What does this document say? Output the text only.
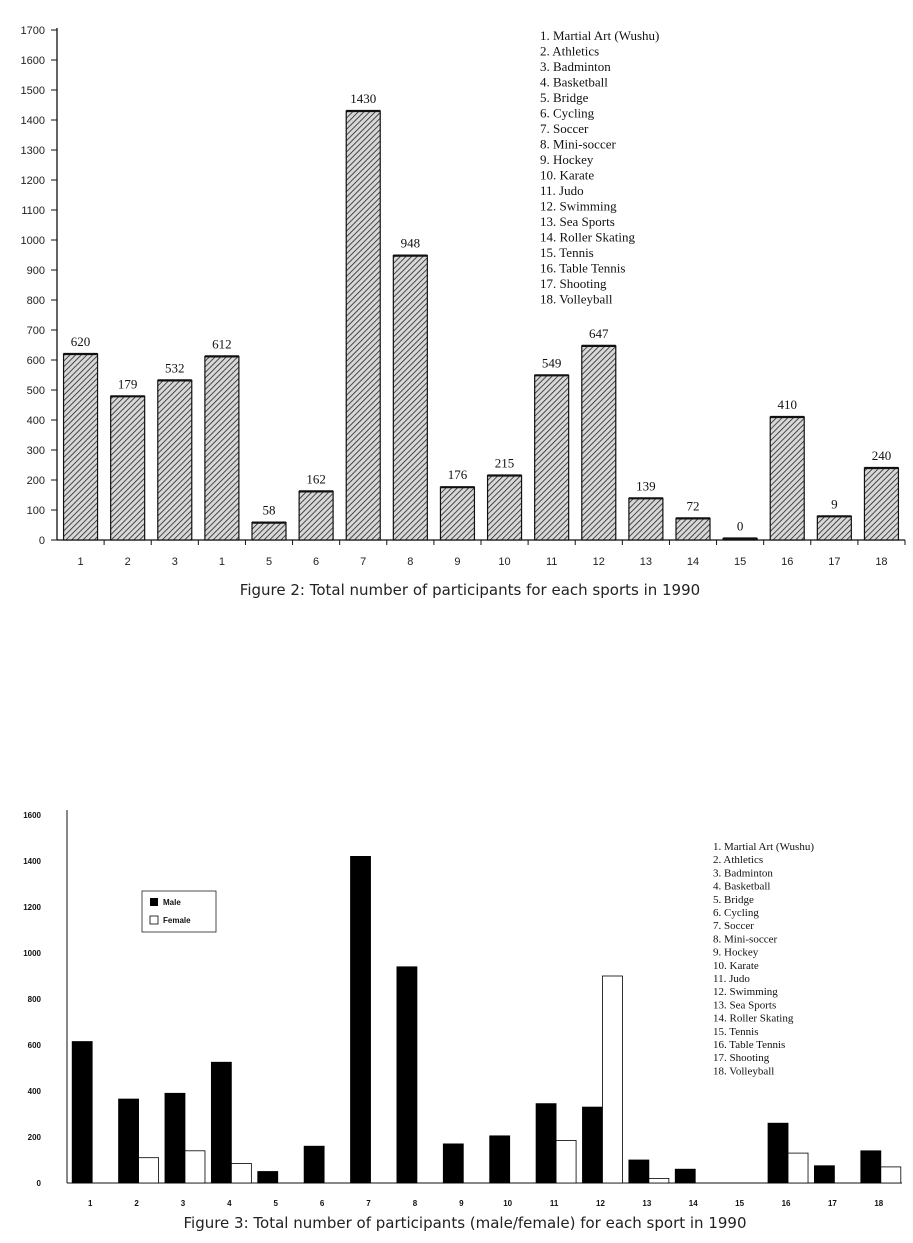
0
100
200
300
400
500
600
700
800
900
1000
1100
1200
1300
1400
1500
1600
1700
620
179
532
612
58
162
1430
948
176
215
549
647
139
72
0
410
9
240
1	2	3	1	5	6	7	8	9	10	11	12	13	14	15	16	17	18
1. Martial Art (Wushu)
2. Athletics
3. Badminton
4. Basketball
5. Bridge
6. Cycling
7. Soccer
8. Mini-soccer
9. Hockey
10. Karate
11. Judo
12. Swimming
13. Sea Sports
14. Roller Skating
15. Tennis
16. Table Tennis
17. Shooting
18. Volleyball
Figure 2: Total number of participants for each sports in 1990
0
200
400
600
800
1000
1200
1400
1600
1	2	3	4	5	6	7	8	9	10	11	12	13	14	15	16	17	18
Male
Female
1. Martial Art (Wushu)
2. Athletics
3. Badminton
4. Basketball
5. Bridge
6. Cycling
7. Soccer
8. Mini-soccer
9. Hockey
10. Karate
11. Judo
12. Swimming
13. Sea Sports
14. Roller Skating
15. Tennis
16. Table Tennis
17. Shooting
18. Volleyball
Figure 3: Total number of participants (male/female) for each sport in 1990
